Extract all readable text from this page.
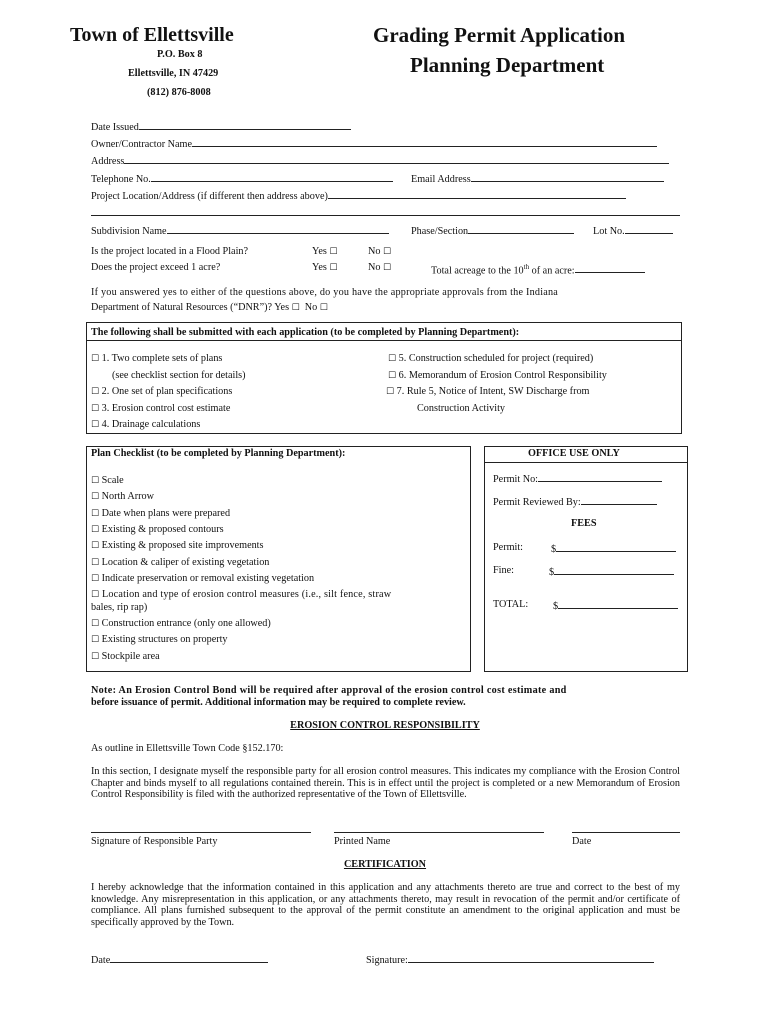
Town of Ellettsville
P.O. Box 8
Ellettsville, IN 47429
(812) 876-8008
Grading Permit Application
Planning Department
Date Issued
Owner/Contractor Name
Address
Telephone No.	Email Address
Project Location/Address (if different then address above)
Subdivision Name	Phase/Section	Lot No.
Is the project located in a Flood Plain?	Yes ☐	No ☐
Does the project exceed 1 acre?	Yes ☐	No ☐	Total acreage to the 10th of an acre:
If you answered yes to either of the questions above, do you have the appropriate approvals from the Indiana
Department of Natural Resources (“DNR”)? Yes ☐ No ☐
The following shall be submitted with each application (to be completed by Planning Department):
☐ 1. Two complete sets of plans
(see checklist section for details)
☐ 2. One set of plan specifications
☐ 3. Erosion control cost estimate
☐ 4. Drainage calculations
☐ 5. Construction scheduled for project (required)
☐ 6. Memorandum of Erosion Control Responsibility
☐ 7. Rule 5, Notice of Intent, SW Discharge from
Construction Activity
Plan Checklist (to be completed by Planning Department):
☐ Scale
☐ North Arrow
☐ Date when plans were prepared
☐ Existing & proposed contours
☐ Existing & proposed site improvements
☐ Location & caliper of existing vegetation
☐ Indicate preservation or removal existing vegetation
☐ Location and type of erosion control measures (i.e., silt fence, straw
bales, rip rap)
☐ Construction entrance (only one allowed)
☐ Existing structures on property
☐ Stockpile area
OFFICE USE ONLY
Permit No:
Permit Reviewed By:
FEES
Permit:	$
Fine:	$
TOTAL: $
Note: An Erosion Control Bond will be required after approval of the erosion control cost estimate and
before issuance of permit. Additional information may be required to complete review.
EROSION CONTROL RESPONSIBILITY
As outline in Ellettsville Town Code §152.170:
In this section, I designate myself the responsible party for all erosion control measures. This indicates my compliance with the Erosion Control Chapter and binds myself to all regulations contained therein. This is in effect until the project is completed or a new Memorandum of Erosion Control Responsibility is filed with the authorized representative of the Town of Ellettsville.
Signature of Responsible Party	Printed Name	Date
CERTIFICATION
I hereby acknowledge that the information contained in this application and any attachments thereto are true and correct to the best of my knowledge. Any misrepresentation in this application, or any attachments thereto, may result in revocation of the permit and/or certificate of compliance. All plans furnished subsequent to the approval of the permit constitute an amendment to the original application and must be specifically approved by the Town.
Date	Signature:
